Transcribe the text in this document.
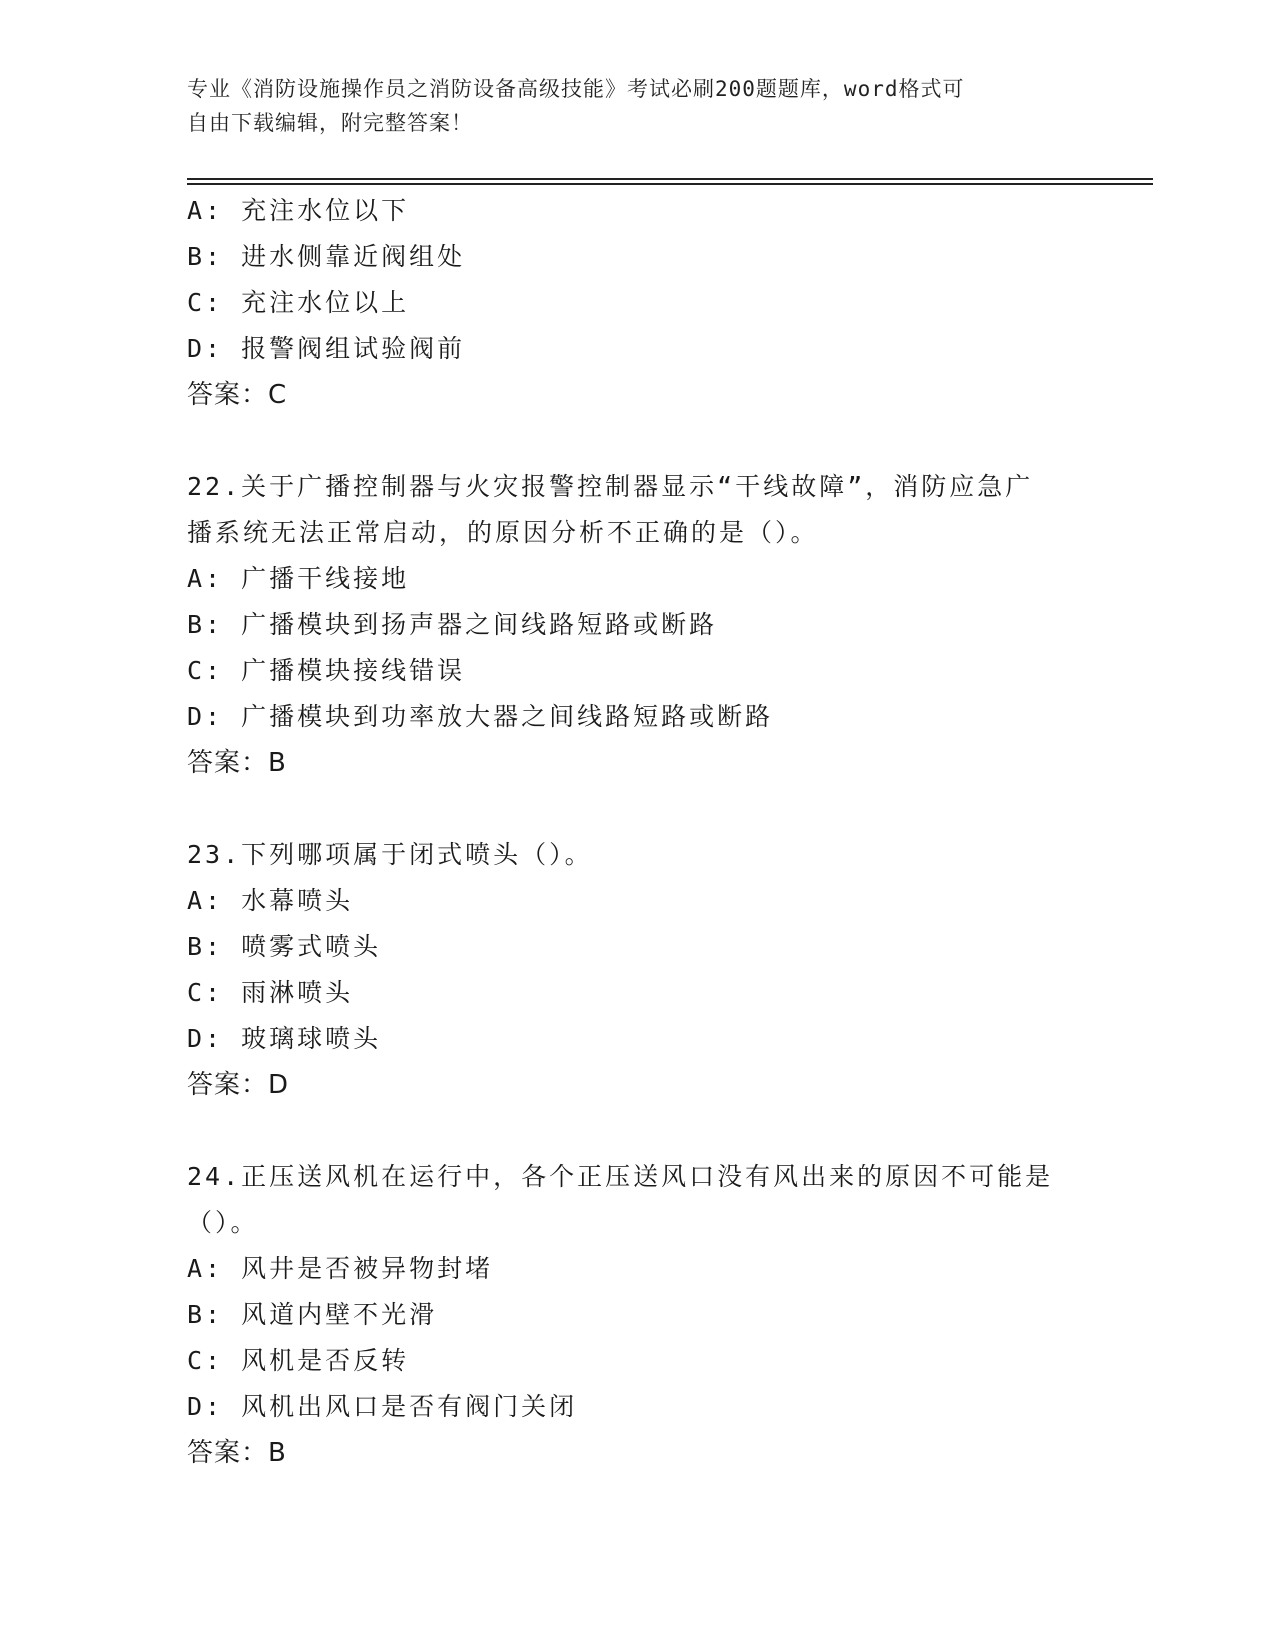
专业《消防设施操作员之消防设备高级技能》考试必刷200题题库，word格式可
自由下载编辑，附完整答案！
A: 充注水位以下
B: 进水侧靠近阀组处
C: 充注水位以上
D: 报警阀组试验阀前
答案：C
22.关于广播控制器与火灾报警控制器显示“干线故障”，消防应急广
播系统无法正常启动，的原因分析不正确的是（）。
A: 广播干线接地
B: 广播模块到扬声器之间线路短路或断路
C: 广播模块接线错误
D: 广播模块到功率放大器之间线路短路或断路
答案：B
23.下列哪项属于闭式喷头（）。
A: 水幕喷头
B: 喷雾式喷头
C: 雨淋喷头
D: 玻璃球喷头
答案：D
24.正压送风机在运行中，各个正压送风口没有风出来的原因不可能是
（）。
A: 风井是否被异物封堵
B: 风道内壁不光滑
C: 风机是否反转
D: 风机出风口是否有阀门关闭
答案：B
